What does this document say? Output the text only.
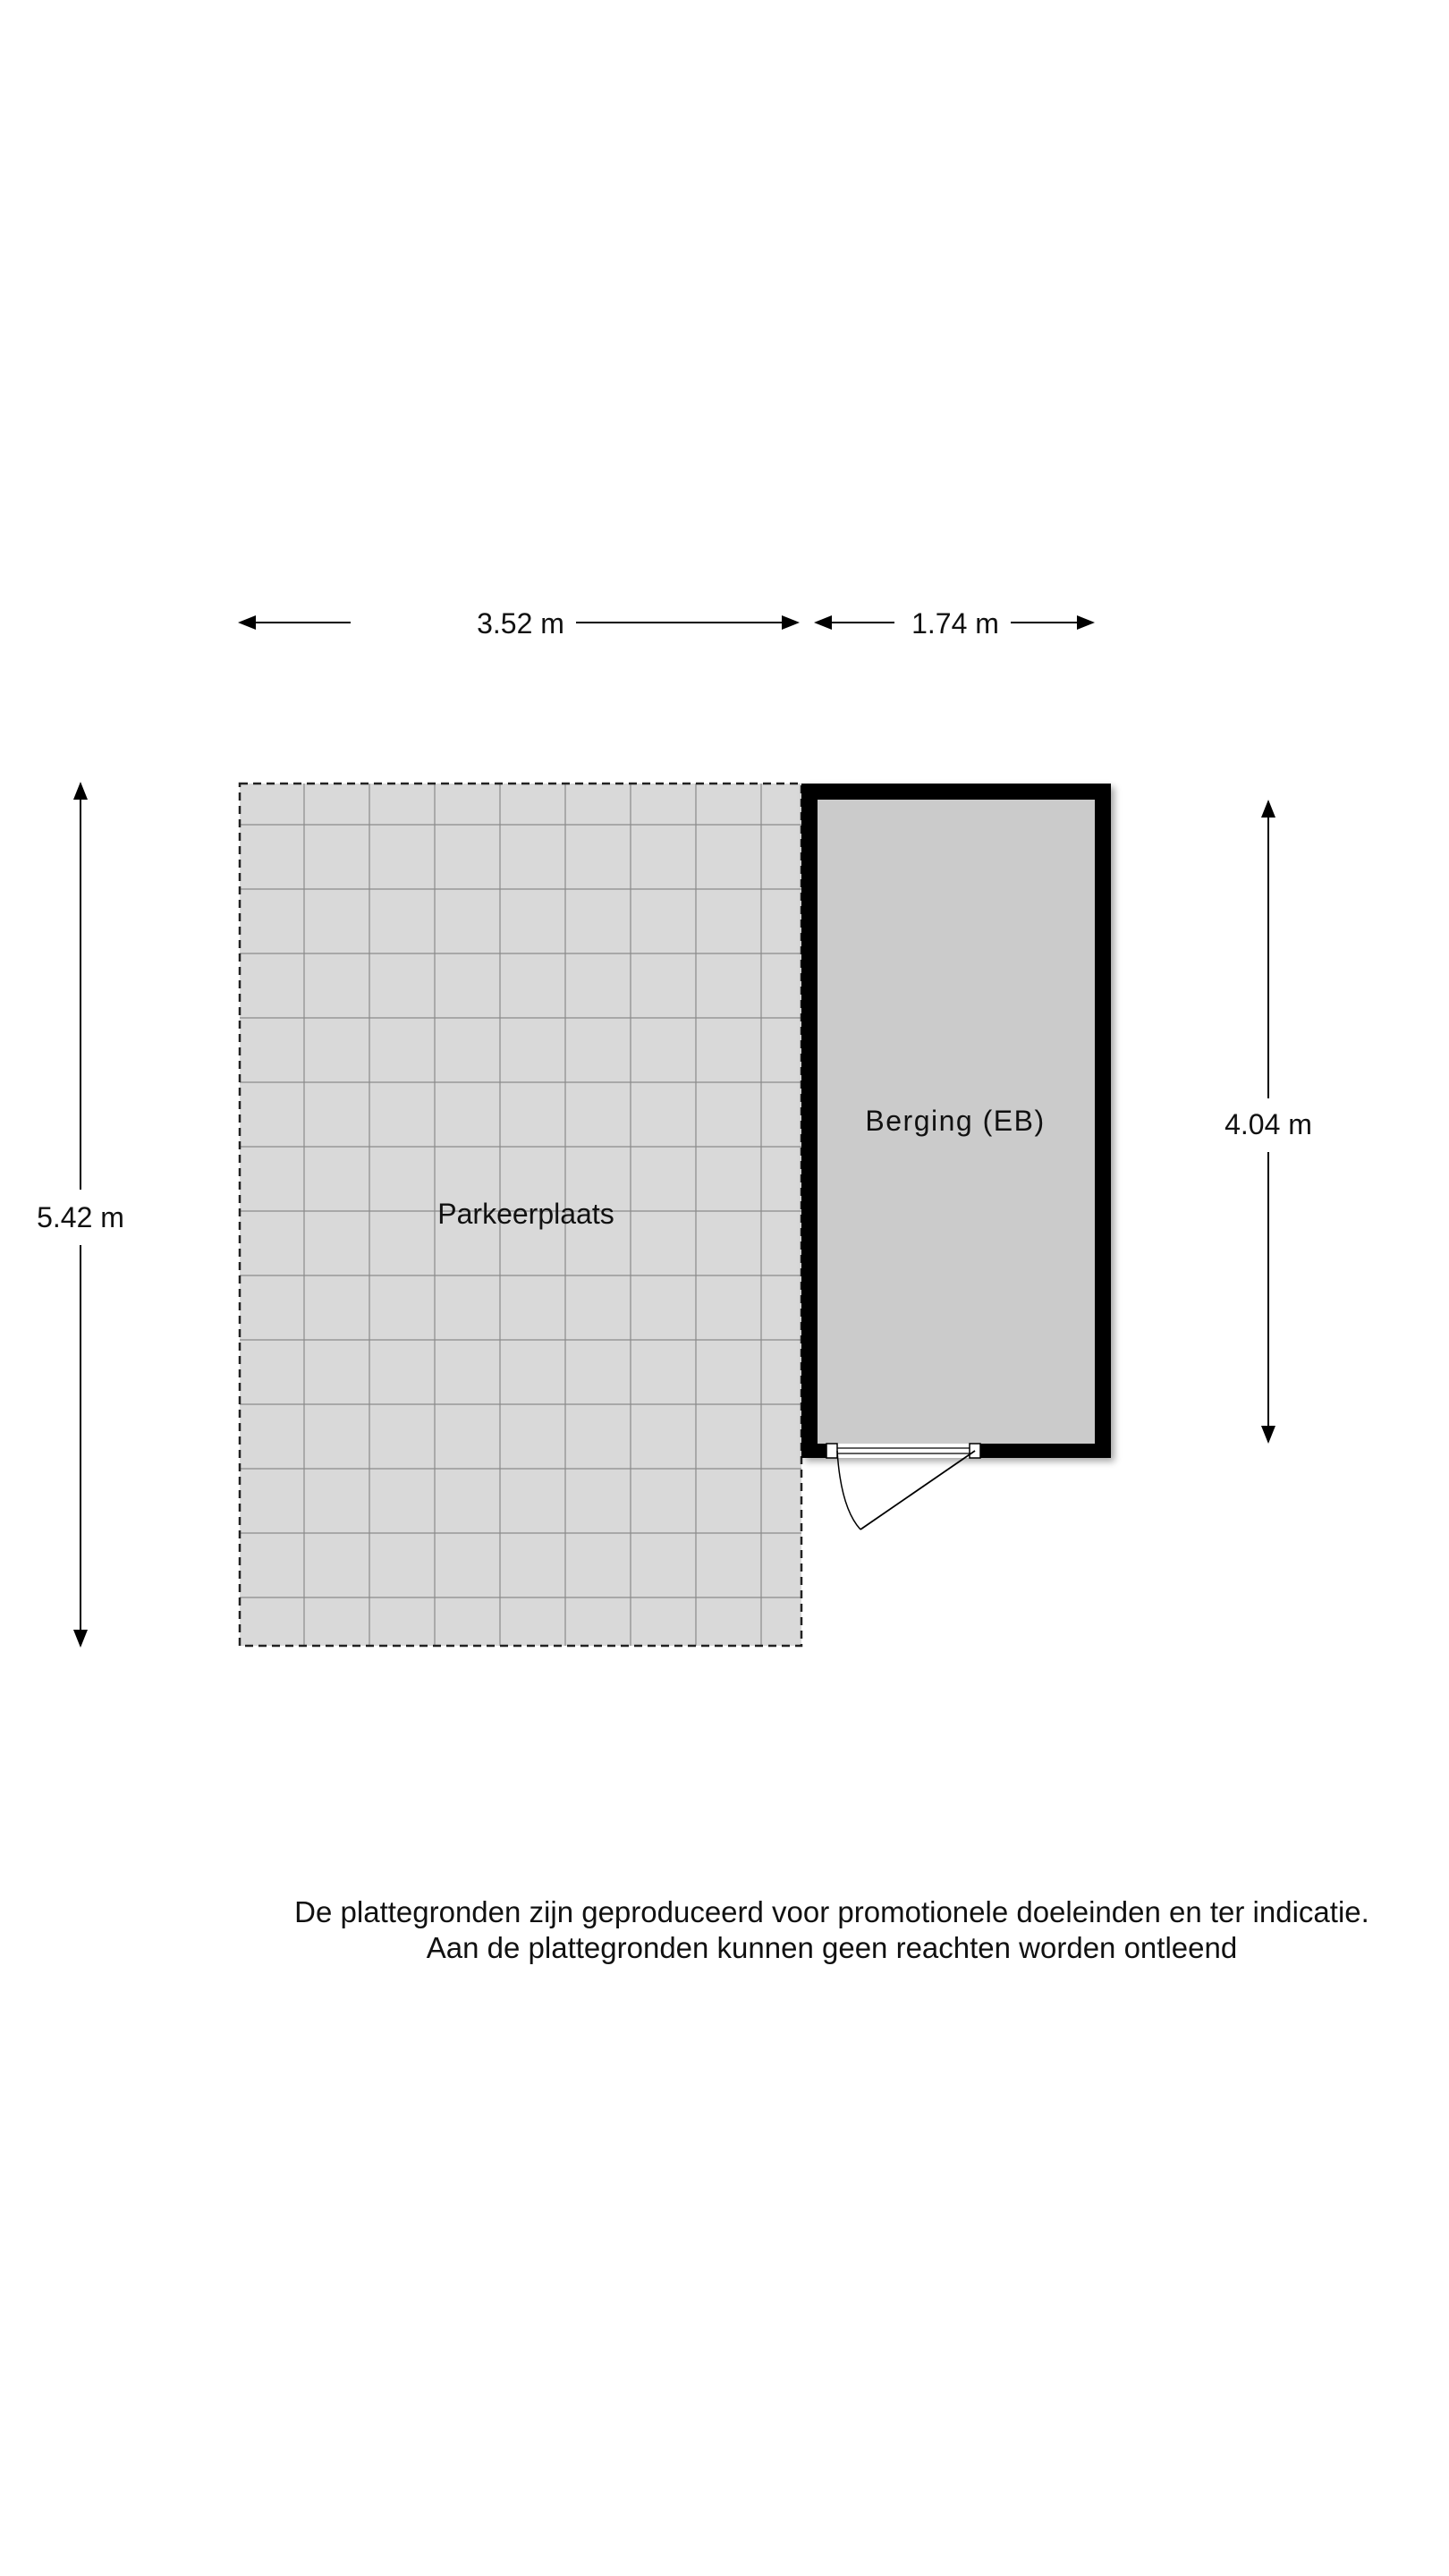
3.52 m	1.74 m
5.42 m
4.04 m
Parkeerplaats
Berging (EB)
De plattegronden zijn geproduceerd voor promotionele doeleinden en ter indicatie.
Aan de plattegronden kunnen geen reachten worden ontleend
